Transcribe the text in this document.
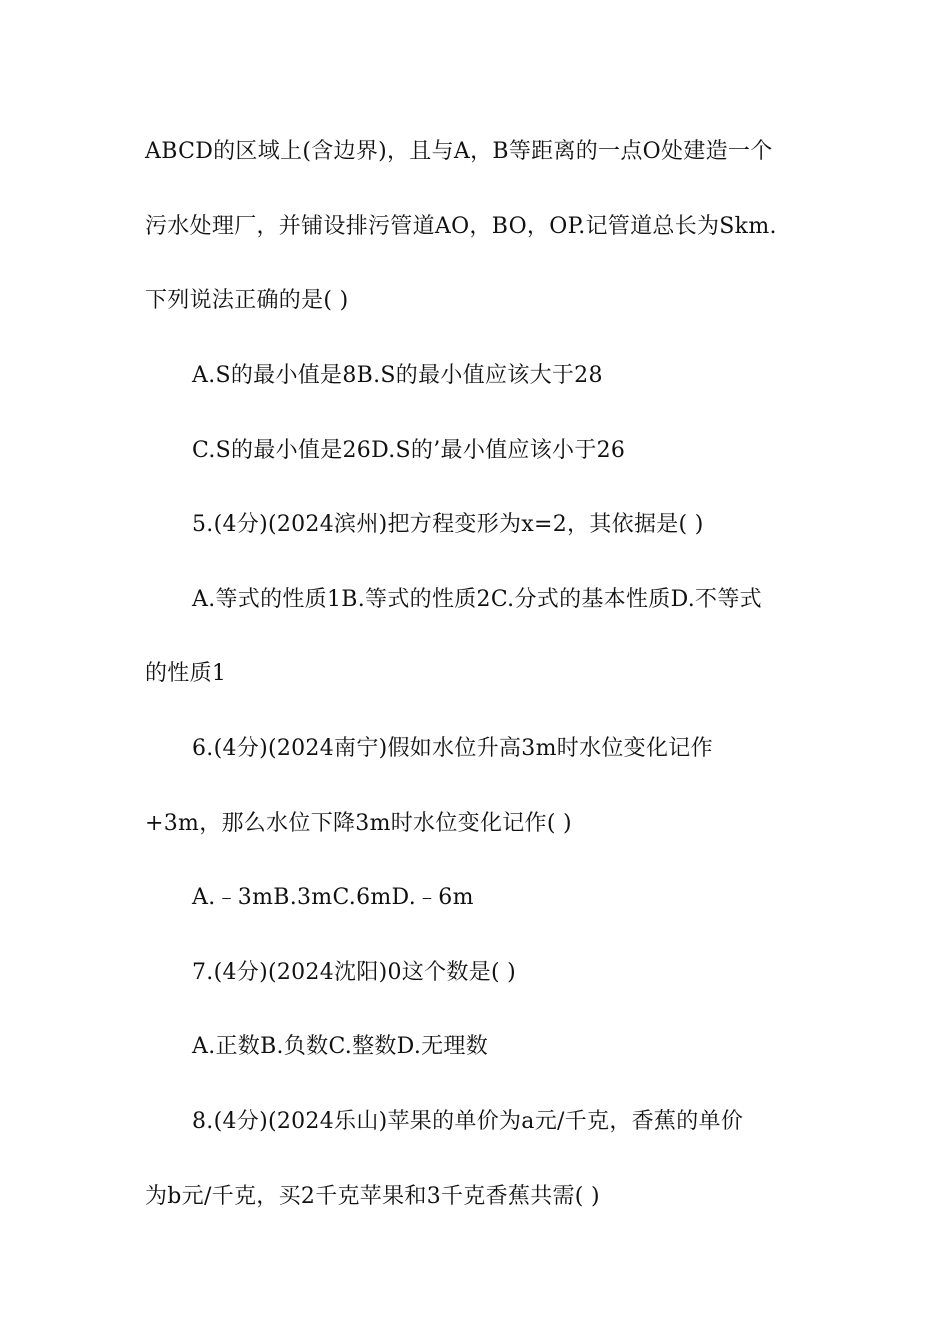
ABCD的区域上(含边界)，且与A，B等距离的一点O处建造一个
污水处理厂，并铺设排污管道AO，BO，OP.记管道总长为Skm.
下列说法正确的是( )
A.S的最小值是8B.S的最小值应该大于28
C.S的最小值是26D.S的’最小值应该小于26
5.(4分)(2024滨州)把方程变形为x=2，其依据是( )
A.等式的性质1B.等式的性质2C.分式的基本性质D.不等式
的性质1
6.(4分)(2024南宁)假如水位升高3m时水位变化记作
+3m，那么水位下降3m时水位变化记作( )
A.﹣3mB.3mC.6mD.﹣6m
7.(4分)(2024沈阳)0这个数是( )
A.正数B.负数C.整数D.无理数
8.(4分)(2024乐山)苹果的单价为a元/千克，香蕉的单价
为b元/千克，买2千克苹果和3千克香蕉共需( )
